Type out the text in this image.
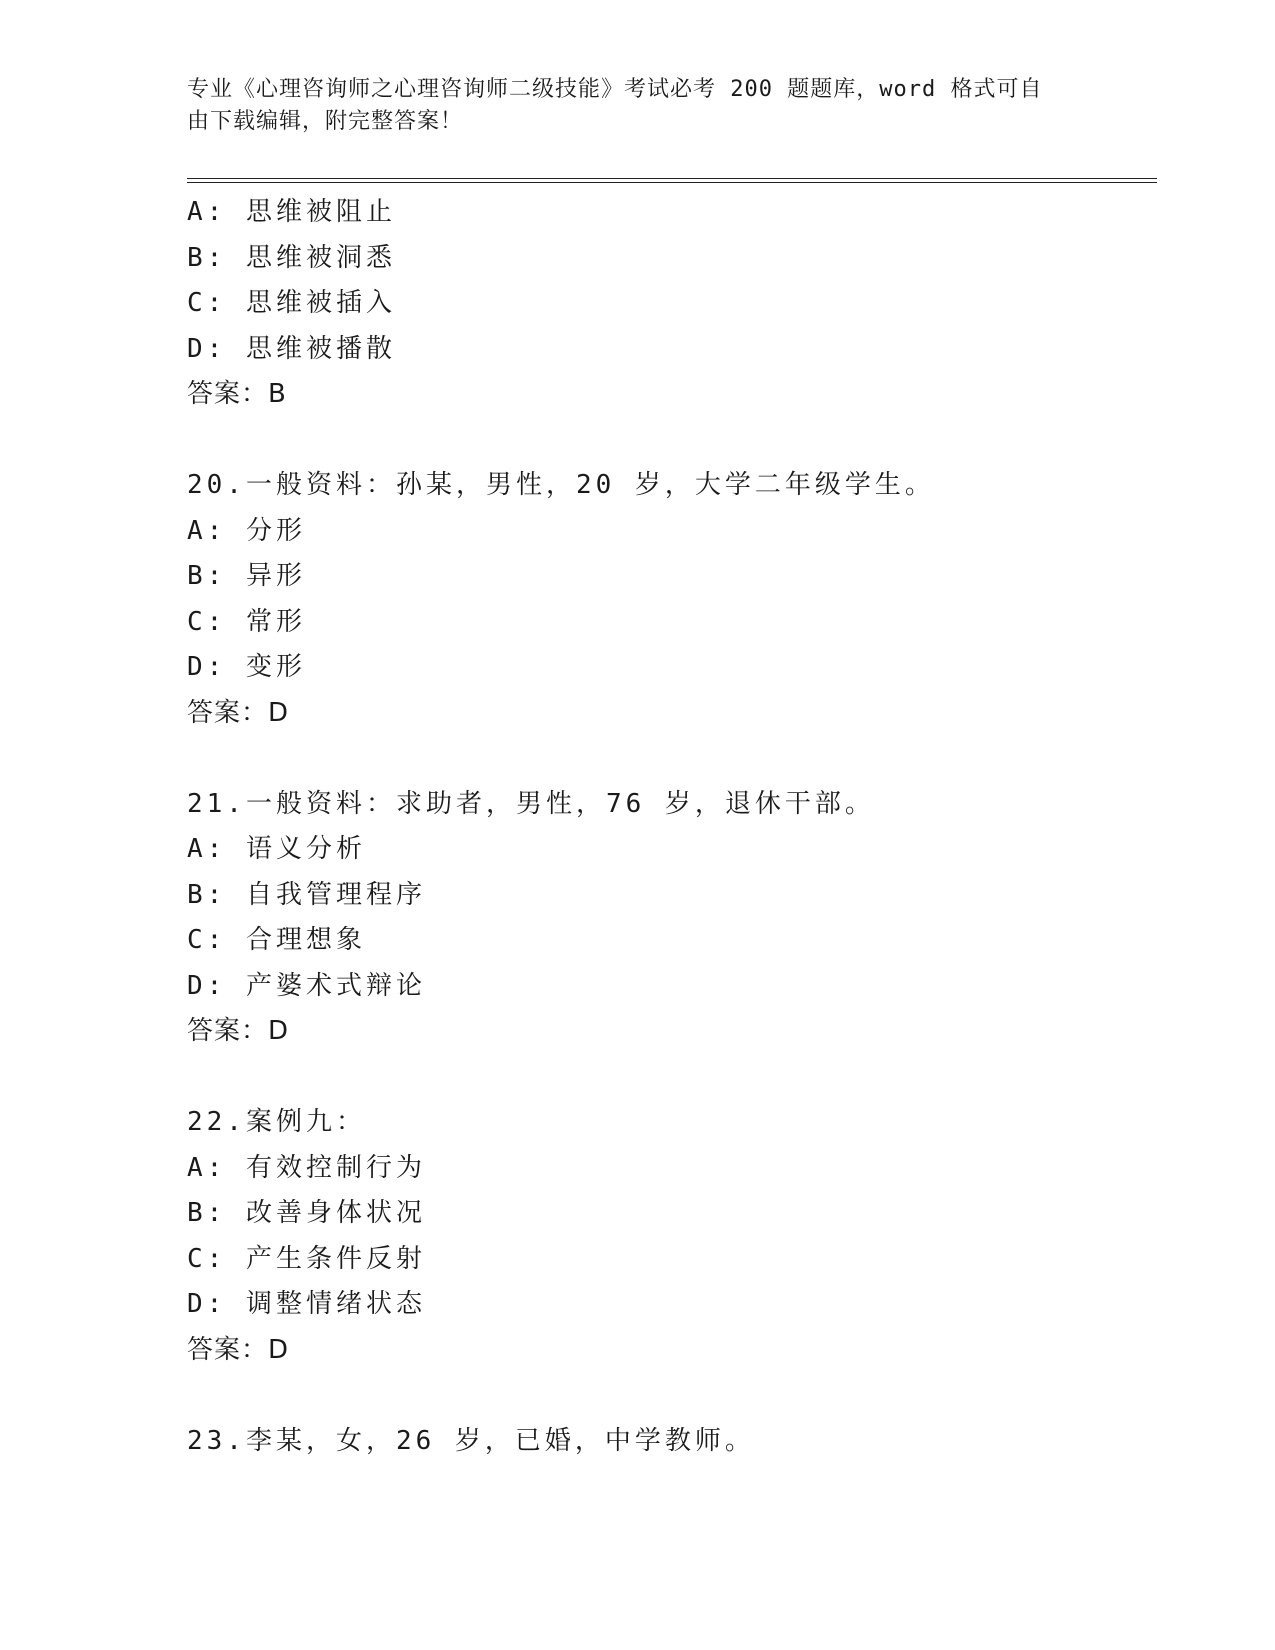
专业《心理咨询师之心理咨询师二级技能》考试必考 200 题题库，word 格式可自
由下载编辑，附完整答案！
A: 思维被阻止
B: 思维被洞悉
C: 思维被插入
D: 思维被播散
答案：B
20.一般资料：孙某，男性，20 岁，大学二年级学生。
A: 分形
B: 异形
C: 常形
D: 变形
答案：D
21.一般资料：求助者，男性，76 岁，退休干部。
A: 语义分析
B: 自我管理程序
C: 合理想象
D: 产婆术式辩论
答案：D
22.案例九：
A: 有效控制行为
B: 改善身体状况
C: 产生条件反射
D: 调整情绪状态
答案：D
23.李某，女，26 岁，已婚，中学教师。
